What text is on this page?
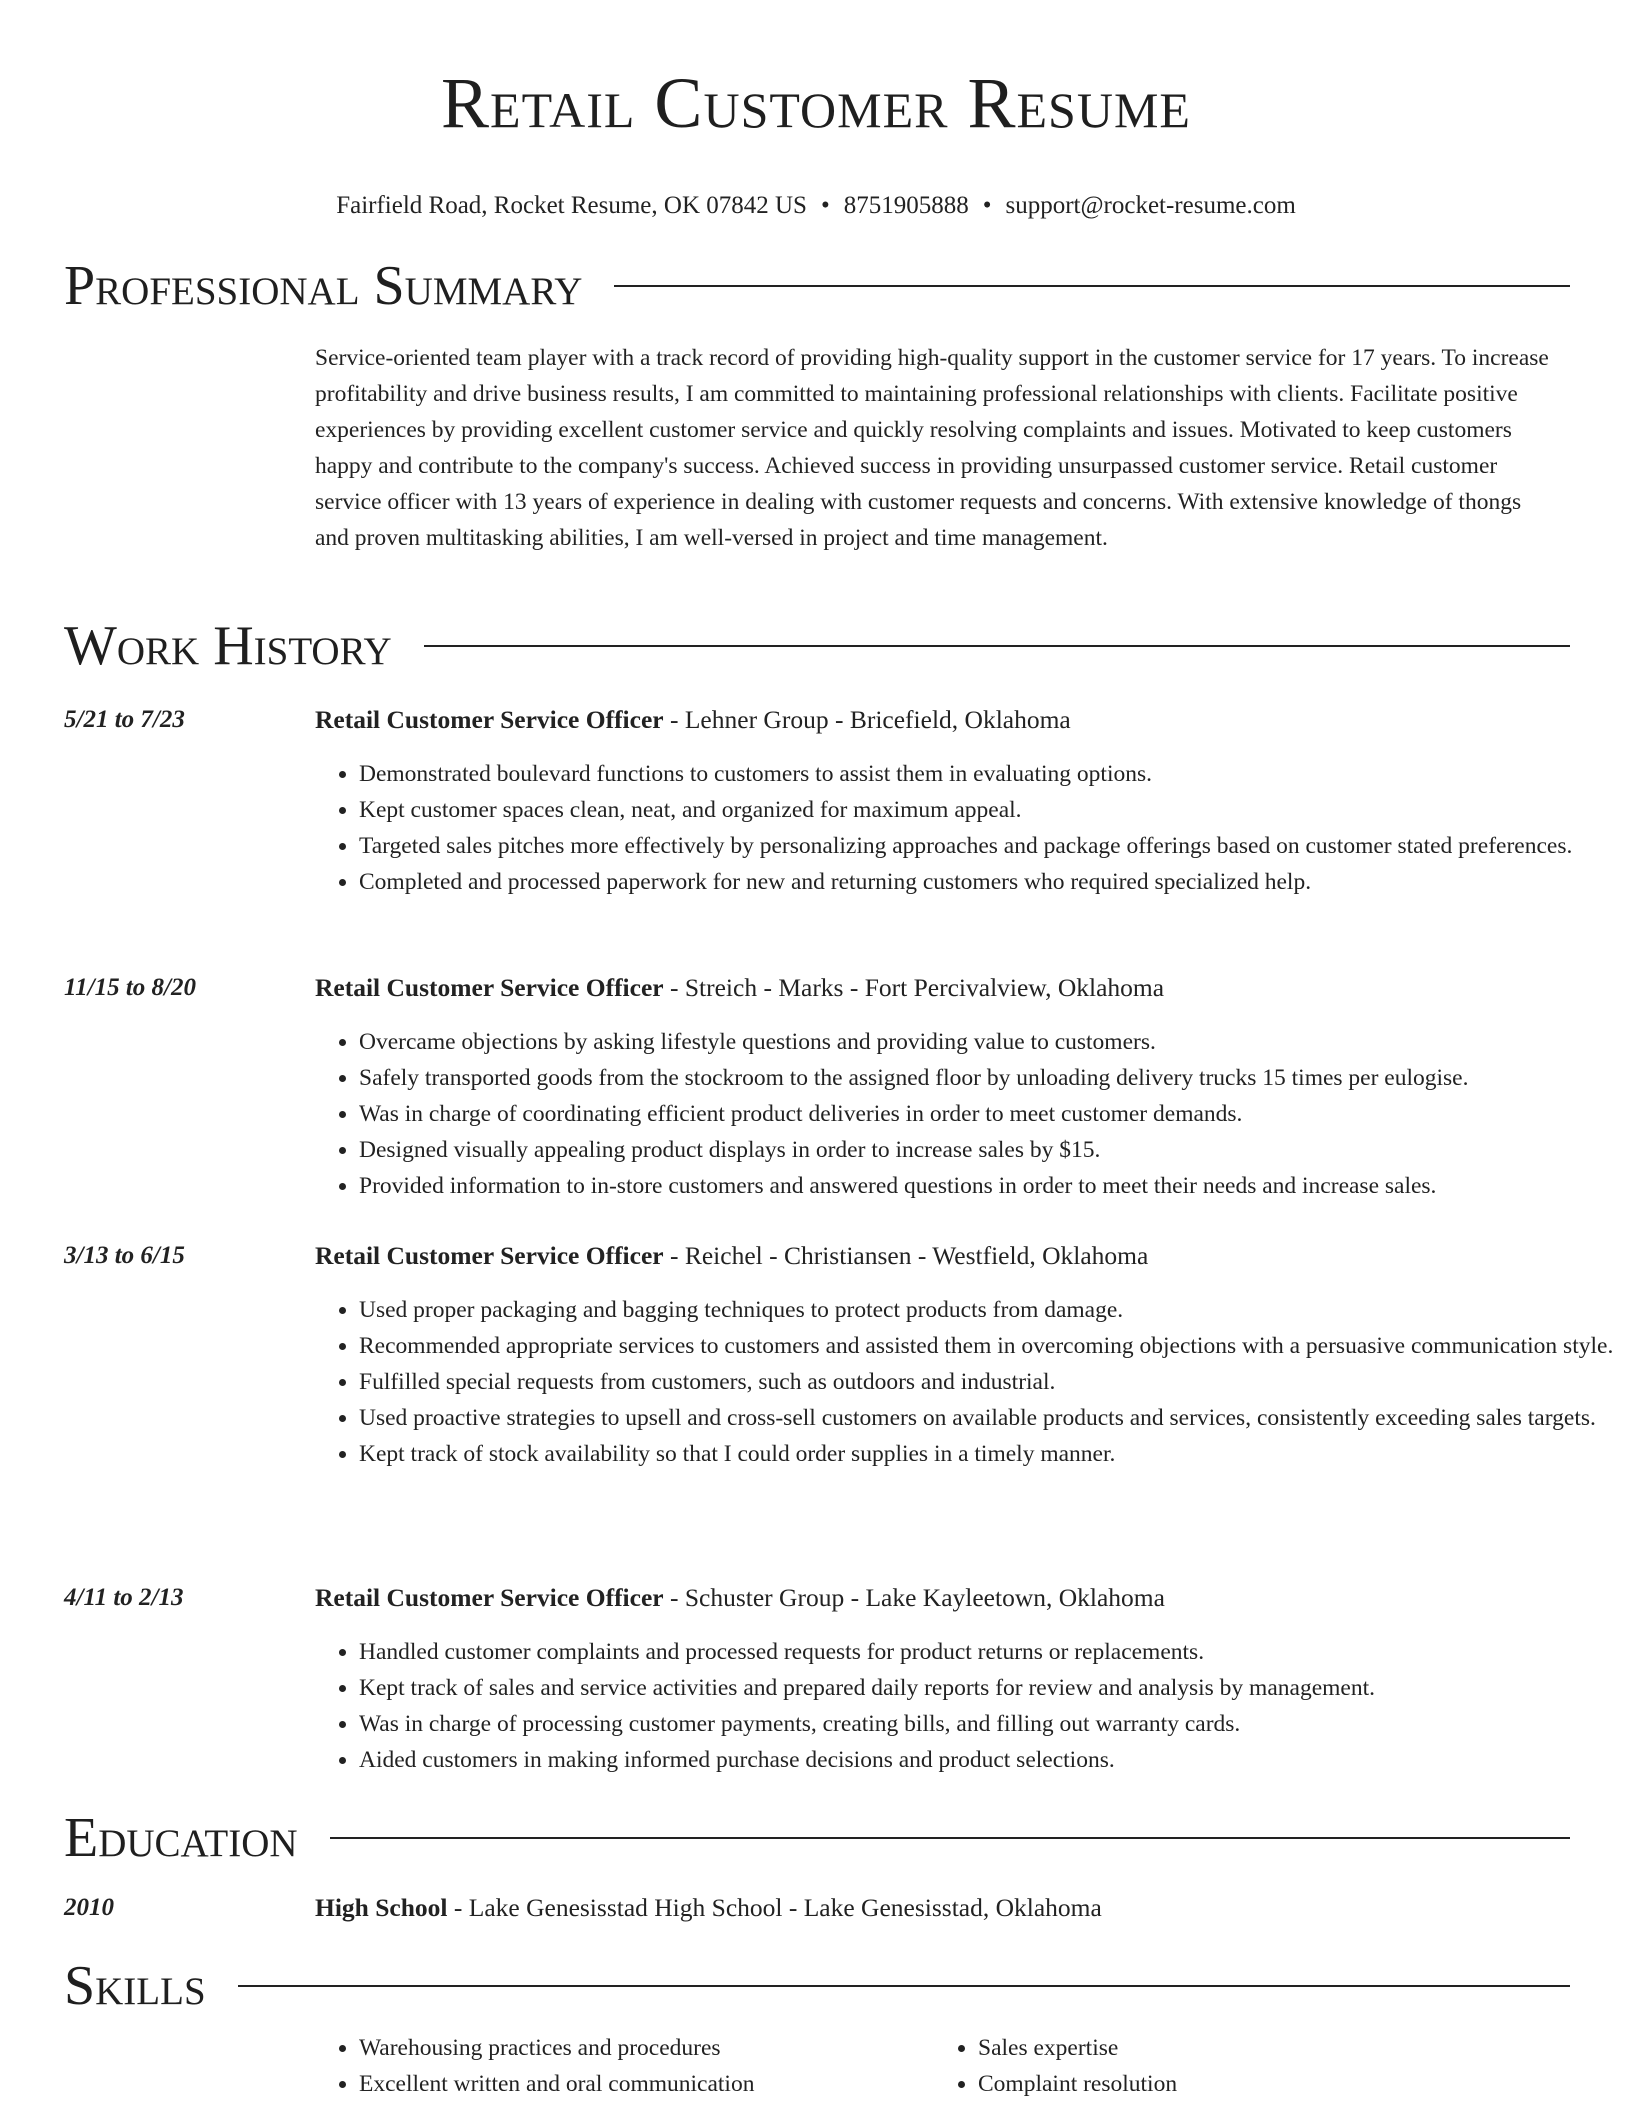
Retail Customer Resume
Fairfield Road, Rocket Resume, OK 07842 US • 8751905888 • support@rocket-resume.com
Professional Summary

Service-oriented team player with a track record of providing high-quality support in the customer service for 17 years. To increase profitability and drive business results, I am committed to maintaining professional relationships with clients. Facilitate positive experiences by providing excellent customer service and quickly resolving complaints and issues. Motivated to keep customers happy and contribute to the company's success. Achieved success in providing unsurpassed customer service. Retail customer service officer with 13 years of experience in dealing with customer requests and concerns. With extensive knowledge of thongs and proven multitasking abilities, I am well-versed in project and time management.

Work History
5/21 to 7/23	Retail Customer Service Officer - Lehner Group - Bricefield, Oklahoma
• Demonstrated boulevard functions to customers to assist them in evaluating options.
• Kept customer spaces clean, neat, and organized for maximum appeal.
• Targeted sales pitches more effectively by personalizing approaches and package offerings based on customer stated preferences.
• Completed and processed paperwork for new and returning customers who required specialized help.
11/15 to 8/20	Retail Customer Service Officer - Streich - Marks - Fort Percivalview, Oklahoma
• Overcame objections by asking lifestyle questions and providing value to customers.
• Safely transported goods from the stockroom to the assigned floor by unloading delivery trucks 15 times per eulogise.
• Was in charge of coordinating efficient product deliveries in order to meet customer demands.
• Designed visually appealing product displays in order to increase sales by $15.
• Provided information to in-store customers and answered questions in order to meet their needs and increase sales.
3/13 to 6/15	Retail Customer Service Officer - Reichel - Christiansen - Westfield, Oklahoma
• Used proper packaging and bagging techniques to protect products from damage.
• Recommended appropriate services to customers and assisted them in overcoming objections with a persuasive communication style.
• Fulfilled special requests from customers, such as outdoors and industrial.
• Used proactive strategies to upsell and cross-sell customers on available products and services, consistently exceeding sales targets.
• Kept track of stock availability so that I could order supplies in a timely manner.
4/11 to 2/13	Retail Customer Service Officer - Schuster Group - Lake Kayleetown, Oklahoma
• Handled customer complaints and processed requests for product returns or replacements.
• Kept track of sales and service activities and prepared daily reports for review and analysis by management.
• Was in charge of processing customer payments, creating bills, and filling out warranty cards.
• Aided customers in making informed purchase decisions and product selections.
Education
2010	High School - Lake Genesisstad High School - Lake Genesisstad, Oklahoma
Skills
• Warehousing practices and procedures
• Excellent written and oral communication
• Sales expertise
• Complaint resolution
